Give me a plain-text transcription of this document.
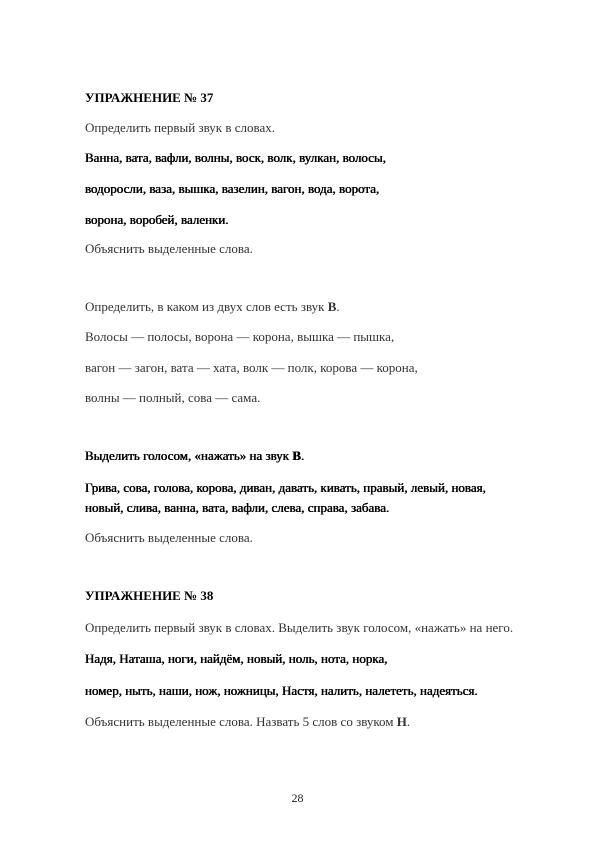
УПРАЖНЕНИЕ № 37
Определить первый звук в словах.
Ванна, вата, вафли, волны, воск, волк, вулкан, волосы,
водоросли, ваза, вышка, вазелин, вагон, вода, ворота,
ворона, воробей, валенки.
Объяснить выделенные слова.
Определить, в каком из двух слов есть звук В.
Волосы — полосы, ворона — корона, вышка — пышка,
вагон — загон, вата — хата, волк — полк, корова — корона,
волны — полный, сова — сама.
Выделить голосом, «нажать» на звук В.
Грива, сова, голова, корова, диван, давать, кивать, правый, левый, новая,
новый, слива, ванна, вата, вафли, слева, справа, забава.
Объяснить выделенные слова.
УПРАЖНЕНИЕ № 38
Определить первый звук в словах. Выделить звук голосом, «нажать» на него.
Надя, Наташа, ноги, найдём, новый, ноль, нота, норка,
номер, ныть, наши, нож, ножницы, Настя, налить, налететь, надеяться.
Объяснить выделенные слова. Назвать 5 слов со звуком Н.
28
